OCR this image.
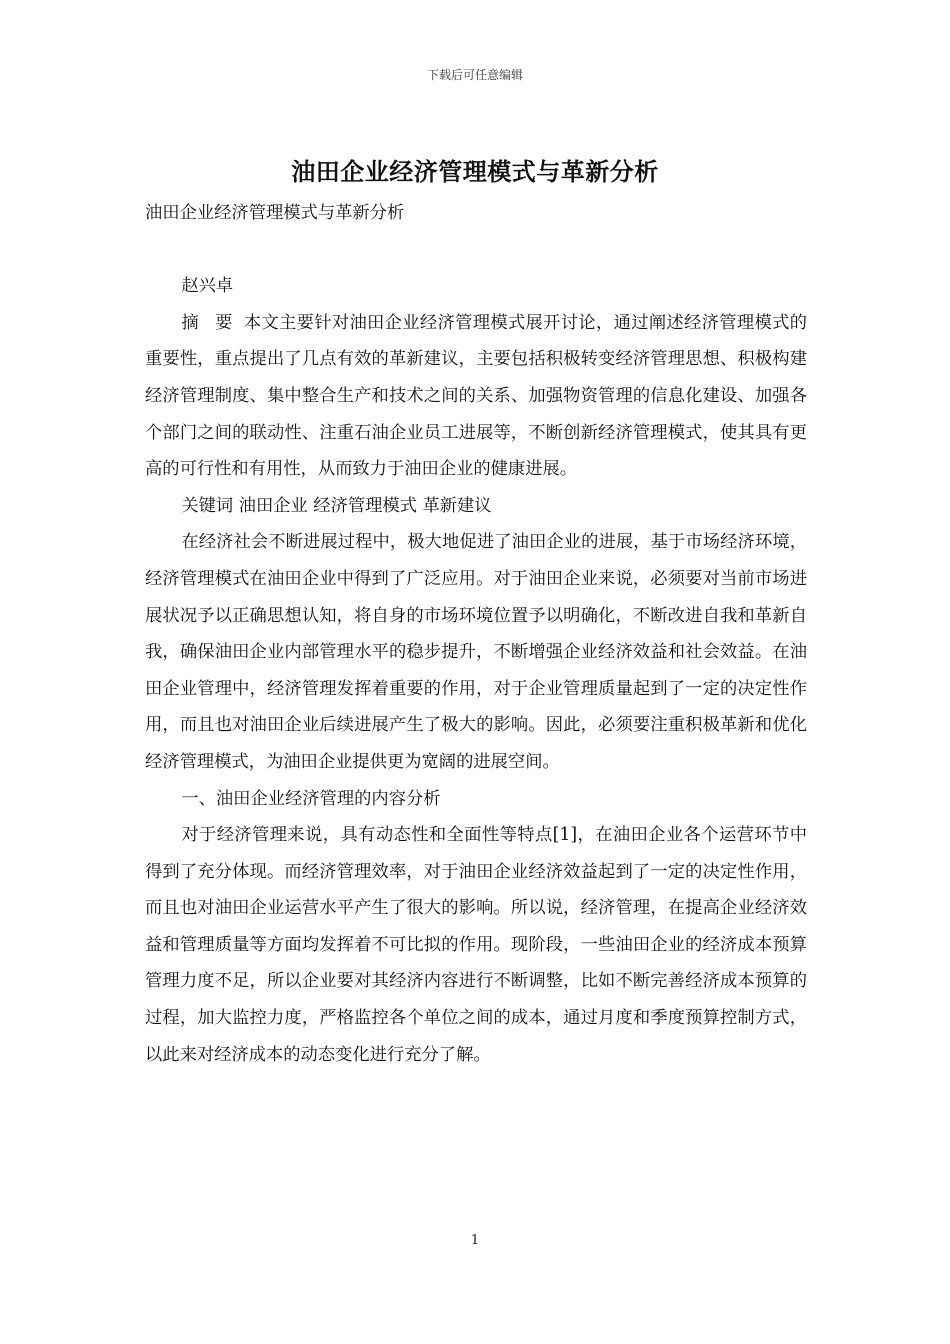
下载后可任意编辑
油田企业经济管理模式与革新分析

油田企业经济管理模式与革新分析

赵兴卓

摘 要 本文主要针对油田企业经济管理模式展开讨论，通过阐述经济管理模式的重要性，重点提出了几点有效的革新建议，主要包括积极转变经济管理思想、积极构建经济管理制度、集中整合生产和技术之间的关系、加强物资管理的信息化建设、加强各个部门之间的联动性、注重石油企业员工进展等，不断创新经济管理模式，使其具有更高的可行性和有用性，从而致力于油田企业的健康进展。

关键词 油田企业 经济管理模式 革新建议

在经济社会不断进展过程中，极大地促进了油田企业的进展，基于市场经济环境，经济管理模式在油田企业中得到了广泛应用。对于油田企业来说，必须要对当前市场进展状况予以正确思想认知，将自身的市场环境位置予以明确化，不断改进自我和革新自我，确保油田企业内部管理水平的稳步提升，不断增强企业经济效益和社会效益。在油田企业管理中，经济管理发挥着重要的作用，对于企业管理质量起到了一定的决定性作用，而且也对油田企业后续进展产生了极大的影响。因此，必须要注重积极革新和优化经济管理模式，为油田企业提供更为宽阔的进展空间。

一、油田企业经济管理的内容分析

对于经济管理来说，具有动态性和全面性等特点[1]，在油田企业各个运营环节中得到了充分体现。而经济管理效率，对于油田企业经济效益起到了一定的决定性作用，而且也对油田企业运营水平产生了很大的影响。所以说，经济管理，在提高企业经济效益和管理质量等方面均发挥着不可比拟的作用。现阶段，一些油田企业的经济成本预算管理力度不足，所以企业要对其经济内容进行不断调整，比如不断完善经济成本预算的过程，加大监控力度，严格监控各个单位之间的成本，通过月度和季度预算控制方式，以此来对经济成本的动态变化进行充分了解。

1
